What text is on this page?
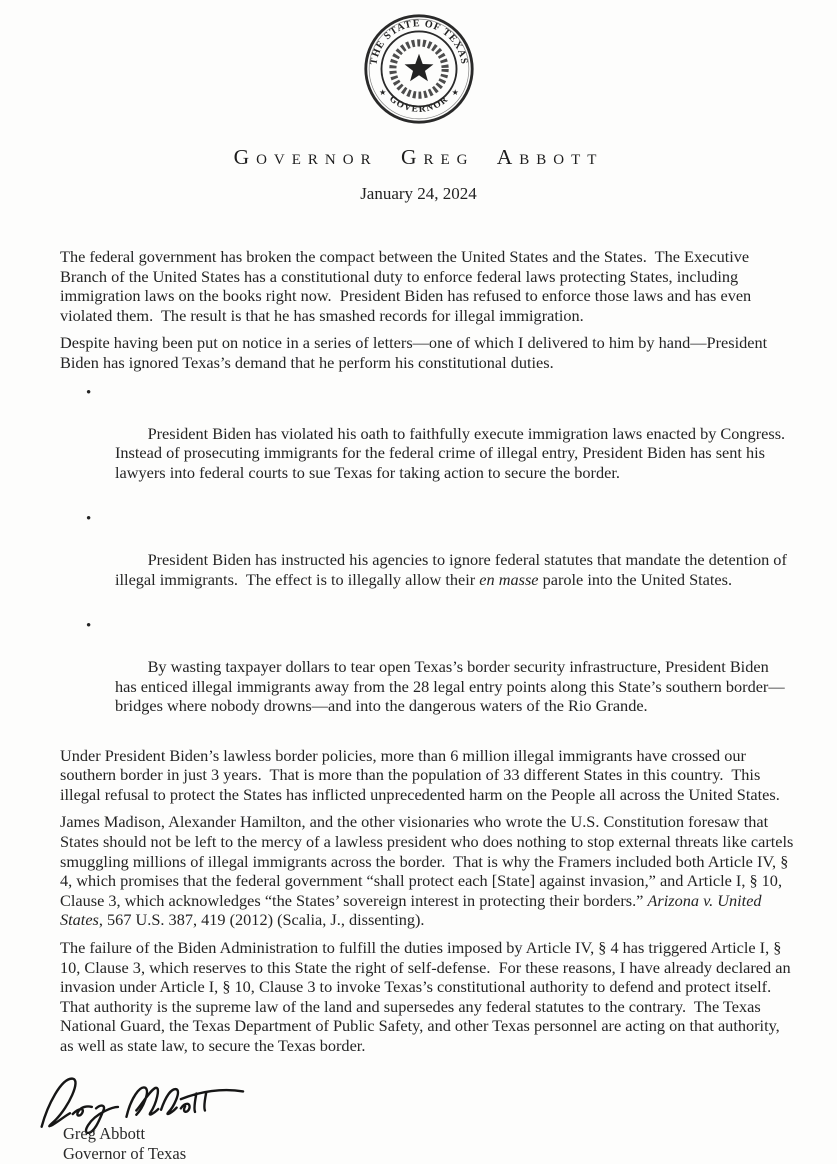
THE STATE OF TEXAS
GOVERNOR
★	★
Governor Greg Abbott
January 24, 2024

The federal government has broken the compact between the United States and the States.  The Executive Branch of the United States has a constitutional duty to enforce federal laws protecting States, including immigration laws on the books right now.  President Biden has refused to enforce those laws and has even violated them.  The result is that he has smashed records for illegal immigration.

Despite having been put on notice in a series of letters—one of which I delivered to him by hand—President Biden has ignored Texas’s demand that he perform his constitutional duties.

•

President Biden has violated his oath to faithfully execute immigration laws enacted by Congress.  Instead of prosecuting immigrants for the federal crime of illegal entry, President Biden has sent his lawyers into federal courts to sue Texas for taking action to secure the border.

•

President Biden has instructed his agencies to ignore federal statutes that mandate the detention of illegal immigrants.  The effect is to illegally allow their en masse parole into the United States.

•

By wasting taxpayer dollars to tear open Texas’s border security infrastructure, President Biden has enticed illegal immigrants away from the 28 legal entry points along this State’s southern border—bridges where nobody drowns—and into the dangerous waters of the Rio Grande.

Under President Biden’s lawless border policies, more than 6 million illegal immigrants have crossed our southern border in just 3 years.  That is more than the population of 33 different States in this country.  This illegal refusal to protect the States has inflicted unprecedented harm on the People all across the United States.

James Madison, Alexander Hamilton, and the other visionaries who wrote the U.S. Constitution foresaw that States should not be left to the mercy of a lawless president who does nothing to stop external threats like cartels smuggling millions of illegal immigrants across the border.  That is why the Framers included both Article IV, § 4, which promises that the federal government “shall protect each [State] against invasion,” and Article I, § 10, Clause 3, which acknowledges “the States’ sovereign interest in protecting their borders.” Arizona v. United States, 567 U.S. 387, 419 (2012) (Scalia, J., dissenting).

The failure of the Biden Administration to fulfill the duties imposed by Article IV, § 4 has triggered Article I, § 10, Clause 3, which reserves to this State the right of self-defense.  For these reasons, I have already declared an invasion under Article I, § 10, Clause 3 to invoke Texas’s constitutional authority to defend and protect itself.  That authority is the supreme law of the land and supersedes any federal statutes to the contrary.  The Texas National Guard, the Texas Department of Public Safety, and other Texas personnel are acting on that authority, as well as state law, to secure the Texas border.

Greg Abbott
Governor of Texas
